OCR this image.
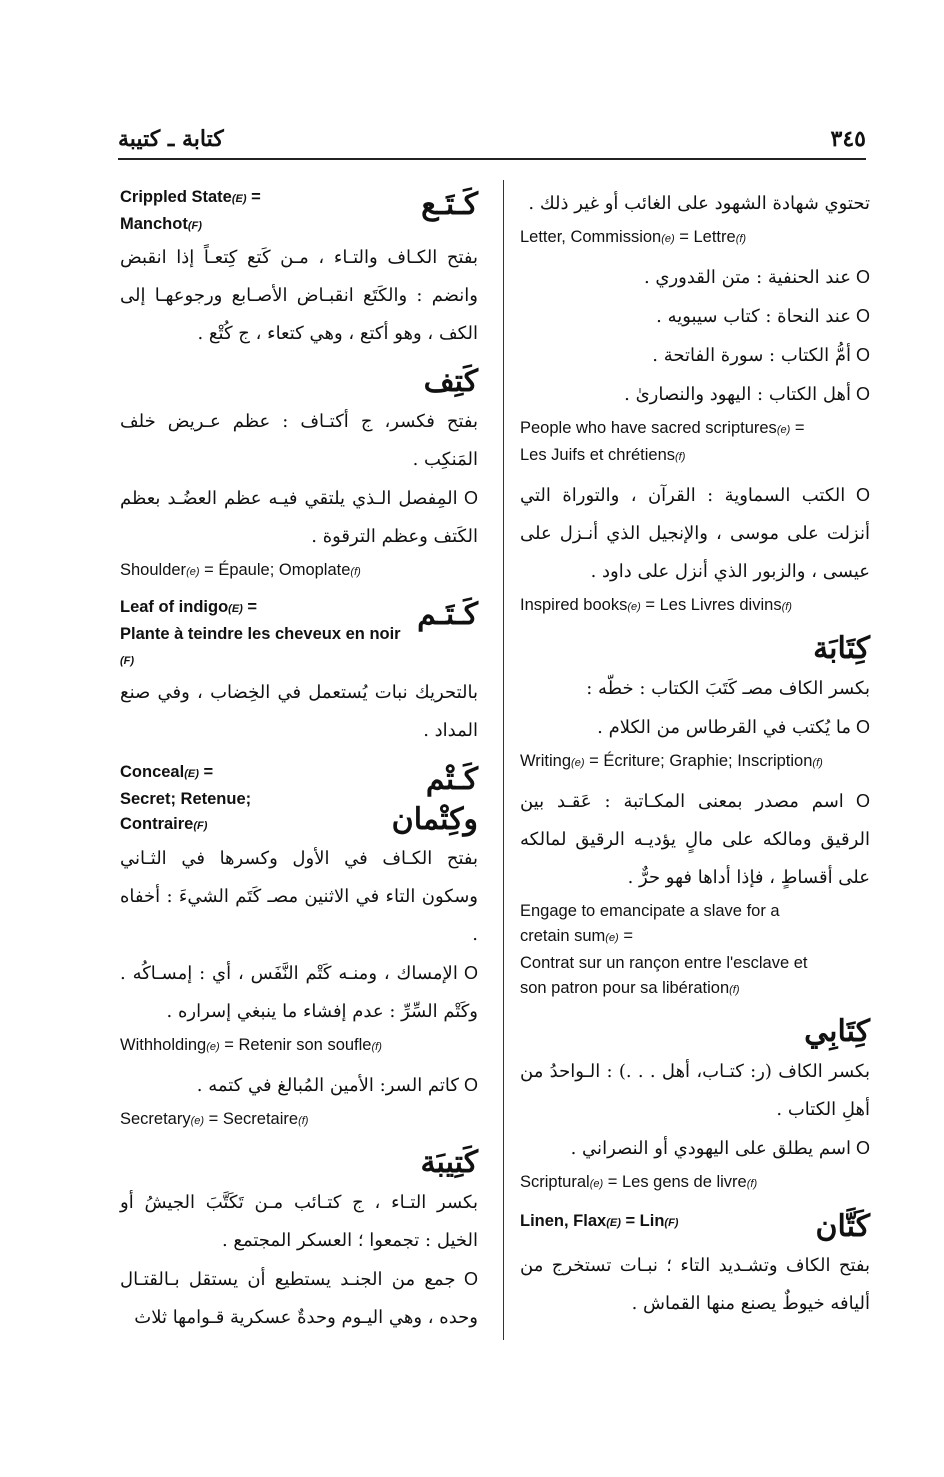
كتابة ـ كتيبة	٣٤٥

تحتوي شهادة الشهود على الغائب أو غير ذلك .

Letter, Commission(e) = Lettre(f)

O عند الحنفية : متن القدوري .

O عند النحاة : كتاب سيبويه .

O أمُّ الكتاب : سورة الفاتحة .

O أهل الكتاب : اليهود والنصارىٰ .

People who have sacred scriptures(e) =
Les Juifs et chrétiens(f)

O الكتب السماوية : القرآن ، والتوراة التي أنزلت على موسى ، والإنجيل الذي أنـزل على عيسى ، والزبور الذي أنزل على داود .

Inspired books(e) = Les Livres divins(f)

كِتَابَة

بكسر الكاف مصـ كَتَبَ الكتاب : خطّه :

O ما يُكتب في القرطاس من الكلام .

Writing(e) = Écriture; Graphie; Inscription(f)

O اسم مصدر بمعنى المكـاتبة : عَقـد بين الرقيق ومالكه على مالٍ يؤديـه الرقيق لمالكه على أقساطٍ ، فإذا أداها فهو حرٌّ .

Engage to emancipate a slave for a
cretain sum(e) =
Contrat sur un rançon entre l'esclave et
son patron pour sa libération(f)

كِتَابِي

بكسر الكاف (ر: كتـاب، أهل . . .) : الـواحدُ من أهلِ الكتاب .

O اسم يطلق على اليهودي أو النصراني .

Scriptural(e) = Les gens de livre(f)

Linen, Flax(E) = Lin(F)	كَتَّان

بفتح الكاف وتشـديد التاء ؛ نبـات تستخرج من أليافه خيوطٌ يصنع منها القماش .

Crippled State(E) =

Manchot(F)

كَـتَـع

بفتح الكـاف والتـاء ، مـن كَتع كِتعـاً إذا انقبض وانضم : والكَتَع انقبـاض الأصـابع ورجوعهـا إلى الكف ، وهو أكتع ، وهي كتعاء ، ج كُتْع .

كَتِف

بفتح فكسر، ج أكتـاف : عظم عـريض خلف المَنكِب .

O المِفصل الـذي يلتقي فيـه عظم العضُـد بعظم الكَتف وعظم الترقوة .

Shoulder(e) = Épaule; Omoplate(f)

Leaf of indigo(E) =

Plante à teindre les cheveux en noir (F)

كَـتَـم

بالتحريك نبات يُستعمل في الخِضاب ، وفي صنع المداد .

Conceal(E) =

Secret; Retenue; Contraire(F)

كَـتْم وكِتْمان

بفتح الكـاف في الأول وكسرها في الثـاني وسكون التاء في الاثنين مصـ كَتَم الشيءَ : أخفاه .

O الإمساك ، ومنـه كَتْم النَّفَس ، أي : إمسـاكُه . وكَتْم السِّرِّ : عدم إفشاء ما ينبغي إسراره .

Withholding(e) = Retenir son soufle(f)

O كاتم السر: الأمين المُبالغ في كتمه .

Secretary(e) = Secretaire(f)

كَتِيبَة

بكسر التـاء ، ج كتـائب مـن تَكَتَّبَ الجيشُ أو الخيل : تجمعوا ؛ العسكر المجتمع .

O جمع من الجنـد يستطيع أن يستقل بـالقتـال وحده ، وهي اليـوم وحدةٌ عسكرية قـوامها ثلاث
